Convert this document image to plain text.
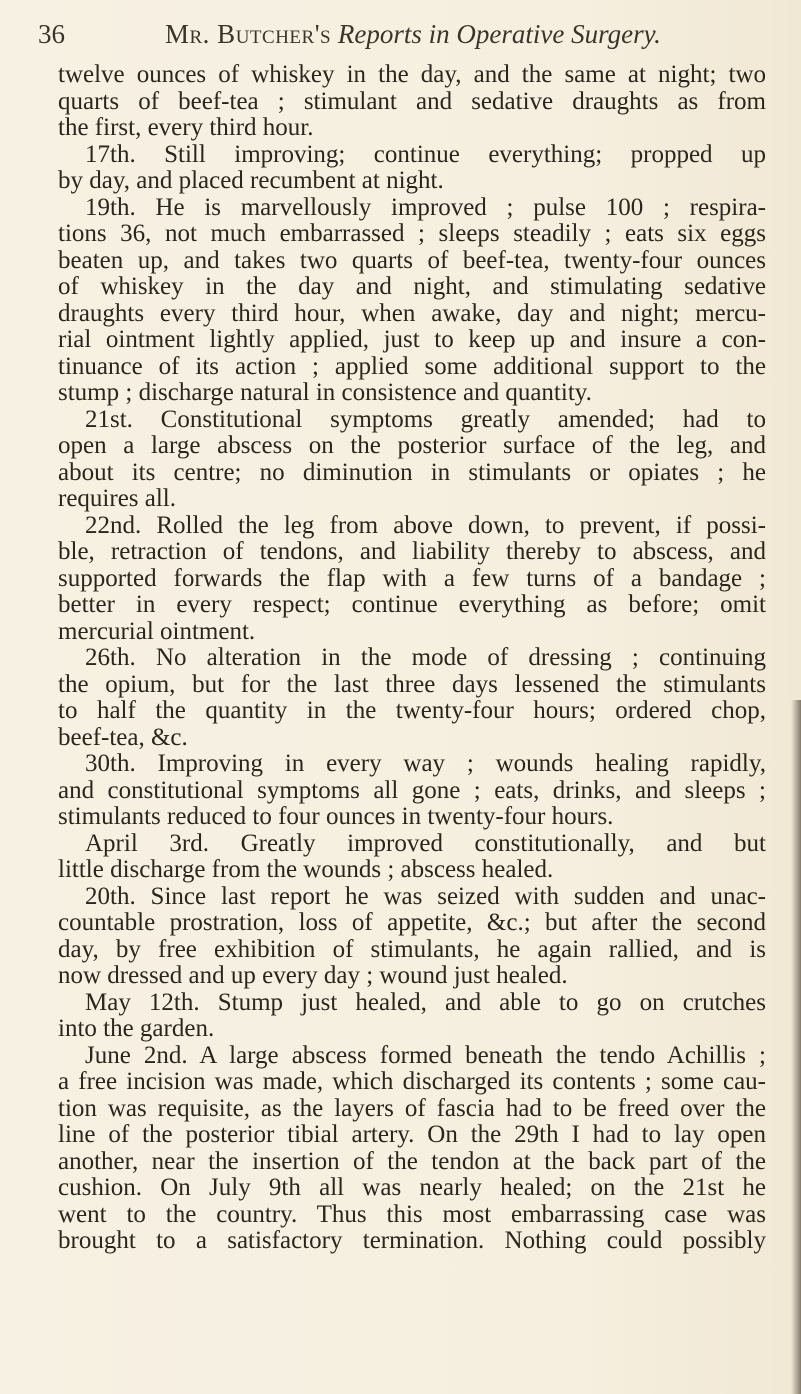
36	Mr. Butcher's Reports in Operative Surgery.
twelve ounces of whiskey in the day, and the same at night; two
quarts of beef-tea ; stimulant and sedative draughts as from
the first, every third hour.
17th. Still improving; continue everything; propped up
by day, and placed recumbent at night.
19th. He is marvellously improved ; pulse 100 ; respira-
tions 36, not much embarrassed ; sleeps steadily ; eats six eggs
beaten up, and takes two quarts of beef-tea, twenty-four ounces
of whiskey in the day and night, and stimulating sedative
draughts every third hour, when awake, day and night; mercu-
rial ointment lightly applied, just to keep up and insure a con-
tinuance of its action ; applied some additional support to the
stump ; discharge natural in consistence and quantity.
21st. Constitutional symptoms greatly amended; had to
open a large abscess on the posterior surface of the leg, and
about its centre; no diminution in stimulants or opiates ; he
requires all.
22nd. Rolled the leg from above down, to prevent, if possi-
ble, retraction of tendons, and liability thereby to abscess, and
supported forwards the flap with a few turns of a bandage ;
better in every respect; continue everything as before; omit
mercurial ointment.
26th. No alteration in the mode of dressing ; continuing
the opium, but for the last three days lessened the stimulants
to half the quantity in the twenty-four hours; ordered chop,
beef-tea, &c.
30th. Improving in every way ; wounds healing rapidly,
and constitutional symptoms all gone ; eats, drinks, and sleeps ;
stimulants reduced to four ounces in twenty-four hours.
April 3rd. Greatly improved constitutionally, and but
little discharge from the wounds ; abscess healed.
20th. Since last report he was seized with sudden and unac-
countable prostration, loss of appetite, &c.; but after the second
day, by free exhibition of stimulants, he again rallied, and is
now dressed and up every day ; wound just healed.
May 12th. Stump just healed, and able to go on crutches
into the garden.
June 2nd. A large abscess formed beneath the tendo Achillis ;
a free incision was made, which discharged its contents ; some cau-
tion was requisite, as the layers of fascia had to be freed over the
line of the posterior tibial artery. On the 29th I had to lay open
another, near the insertion of the tendon at the back part of the
cushion. On July 9th all was nearly healed; on the 21st he
went to the country. Thus this most embarrassing case was
brought to a satisfactory termination. Nothing could possibly
